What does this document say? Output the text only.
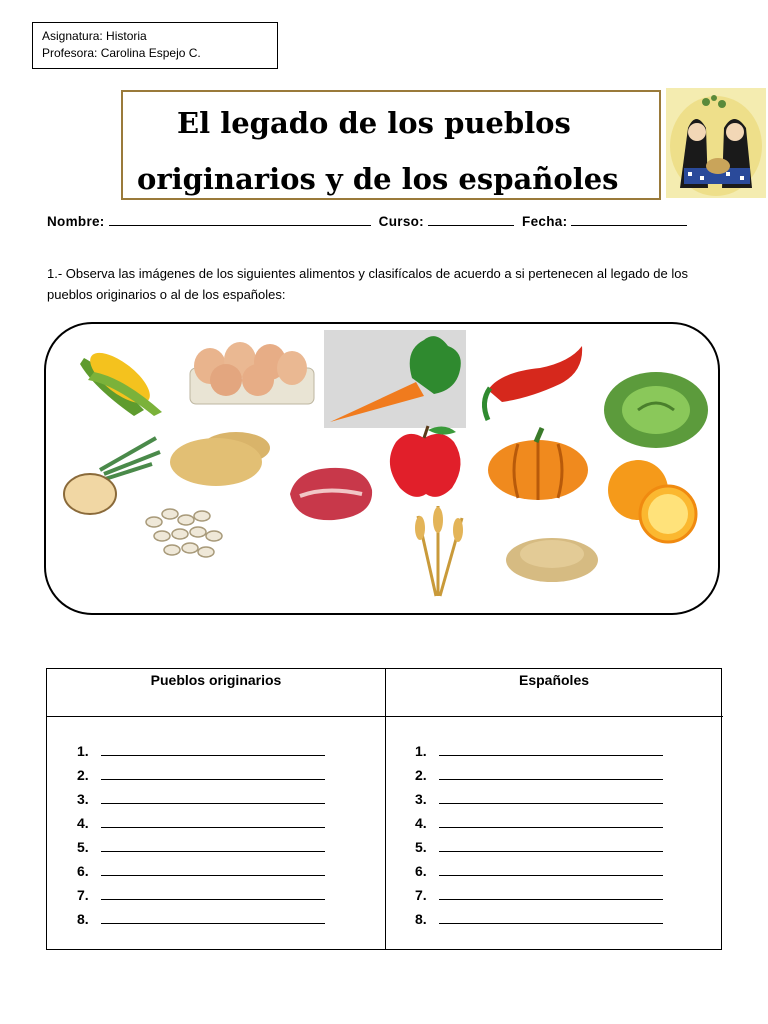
Asignatura: Historia
Profesora: Carolina Espejo C.
El legado de los pueblos
originarios y de los españoles
Nombre:	Curso:	Fecha:
1.- Observa las imágenes de los siguientes alimentos y clasifícalos de acuerdo a si pertenecen al legado de los pueblos originarios o al de los españoles:
Pueblos originarios
1.
2.
3.
4.
5.
6.
7.
8.
Españoles
1.
2.
3.
4.
5.
6.
7.
8.
